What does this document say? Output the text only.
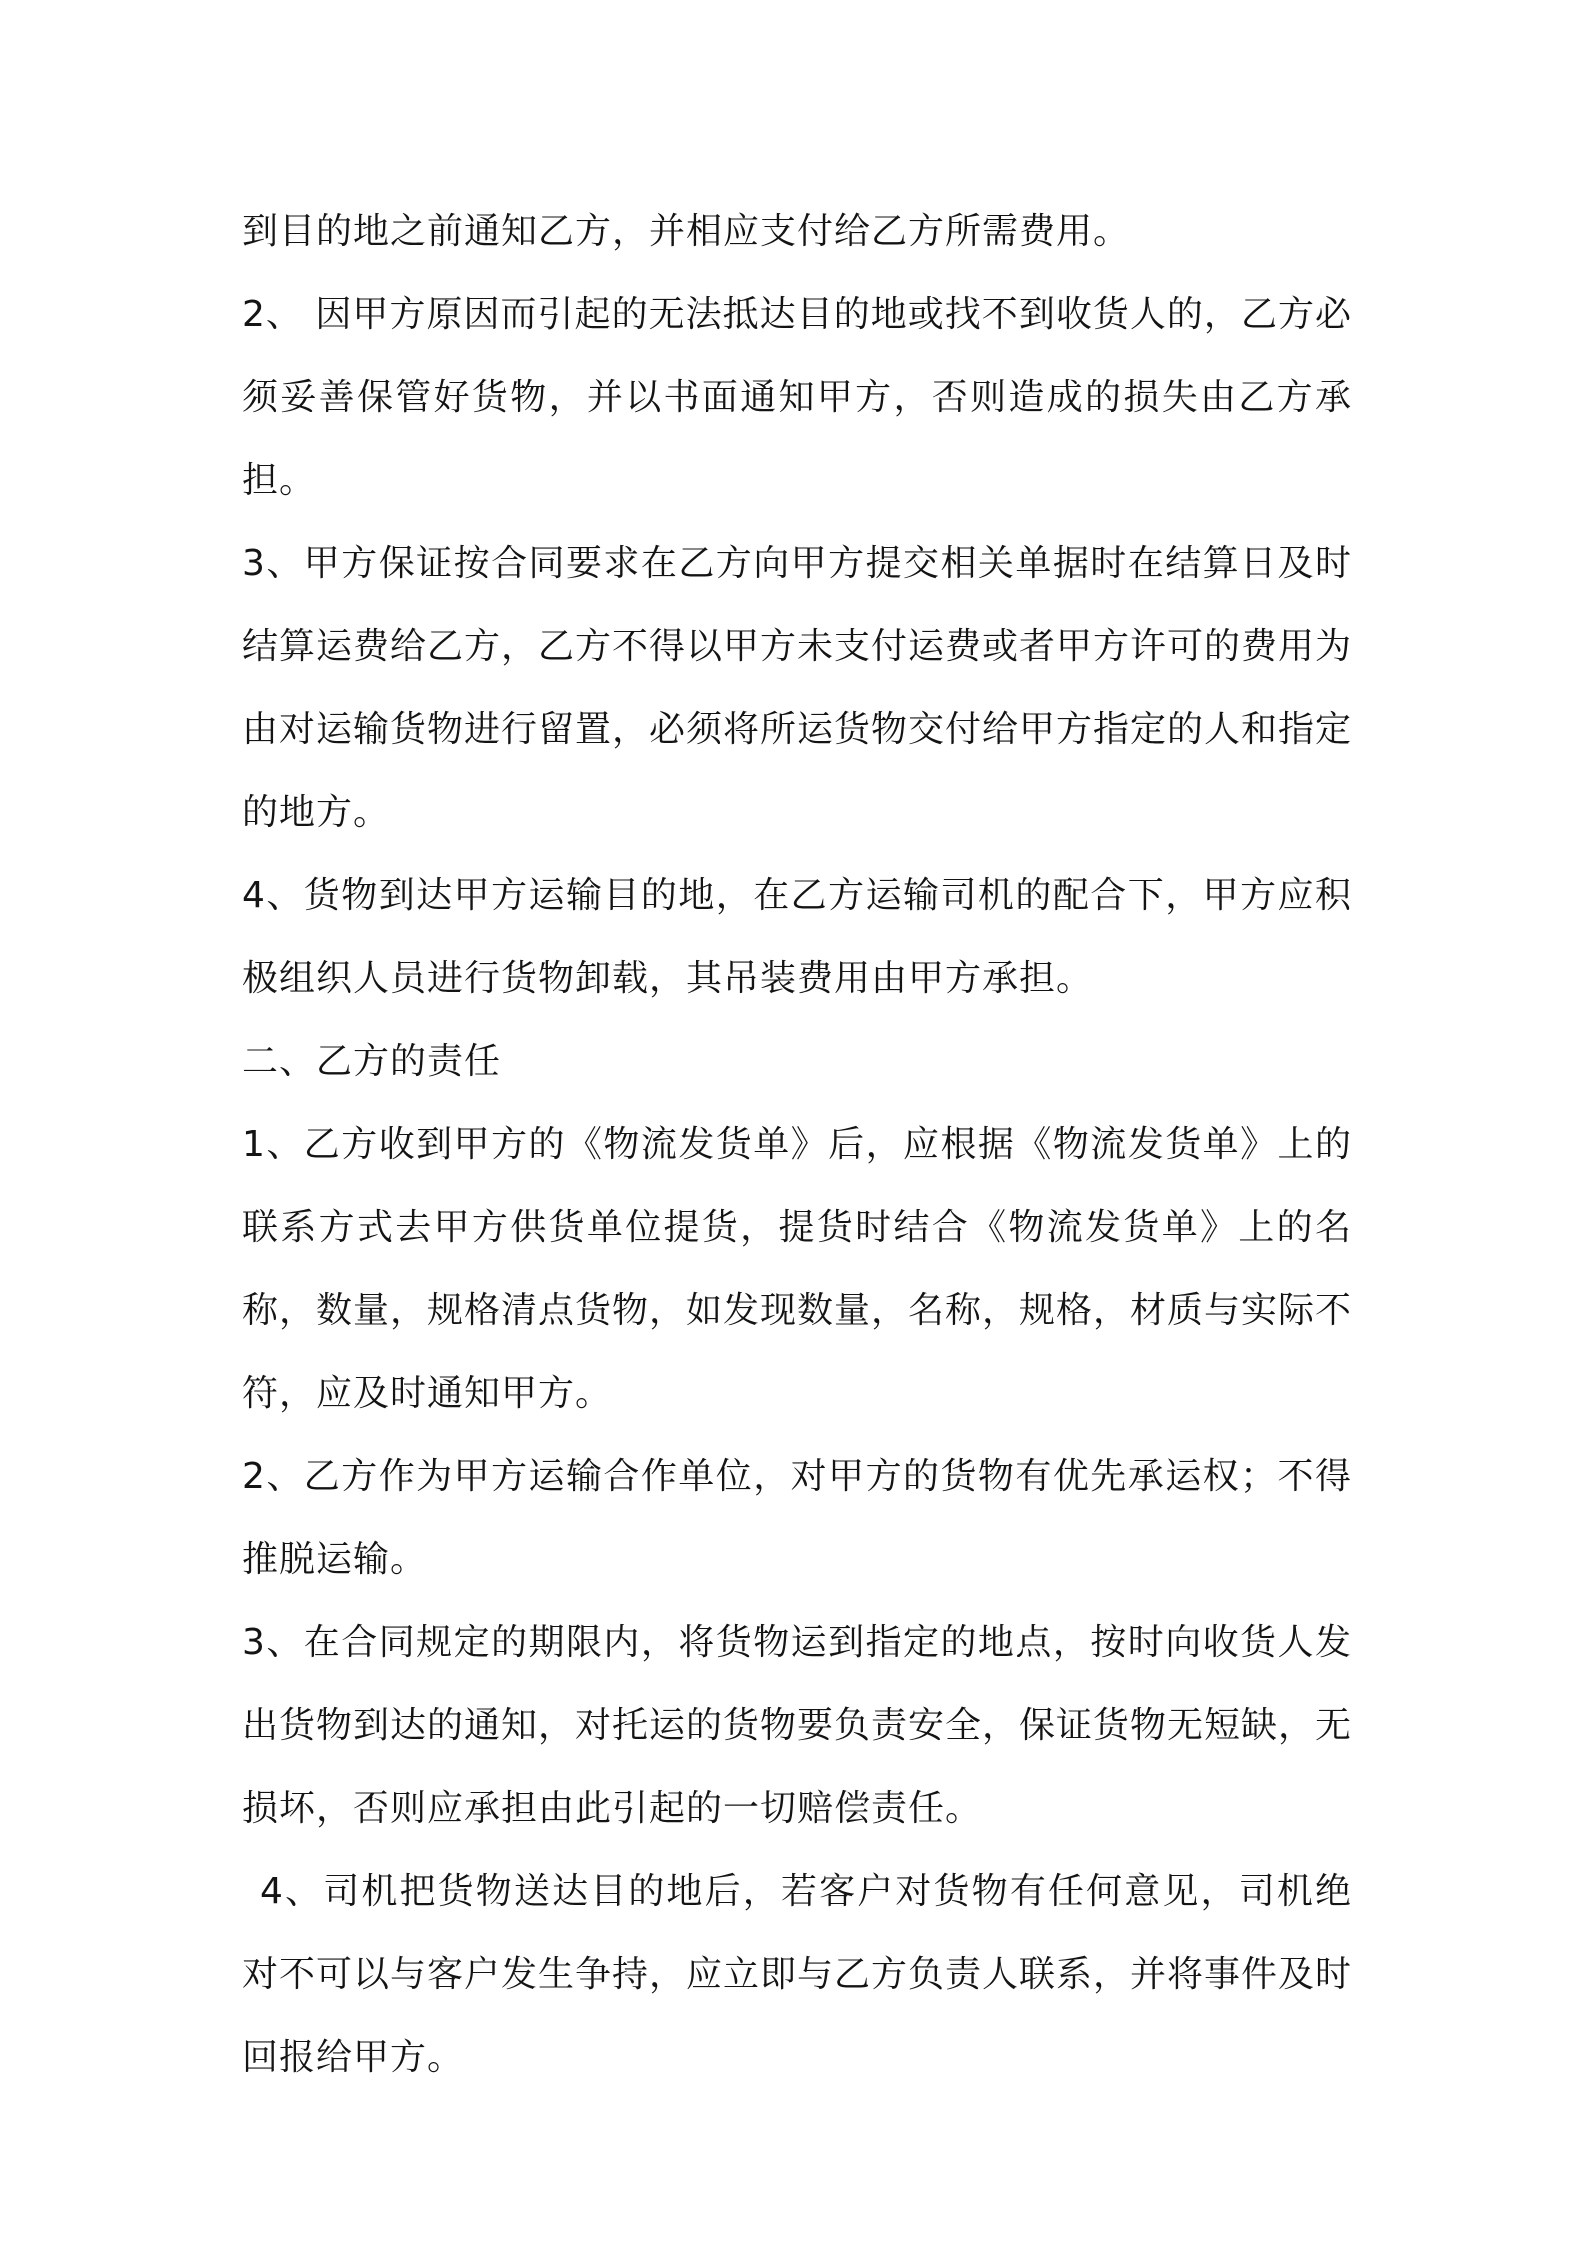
到目的地之前通知乙方，并相应支付给乙方所需费用。

2、 因甲方原因而引起的无法抵达目的地或找不到收货人的，乙方必须妥善保管好货物，并以书面通知甲方，否则造成的损失由乙方承担。

3、甲方保证按合同要求在乙方向甲方提交相关单据时在结算日及时结算运费给乙方，乙方不得以甲方未支付运费或者甲方许可的费用为由对运输货物进行留置，必须将所运货物交付给甲方指定的人和指定的地方。

4、货物到达甲方运输目的地，在乙方运输司机的配合下，甲方应积极组织人员进行货物卸载，其吊装费用由甲方承担。

二、乙方的责任

1、乙方收到甲方的《物流发货单》后，应根据《物流发货单》上的联系方式去甲方供货单位提货，提货时结合《物流发货单》上的名称，数量，规格清点货物，如发现数量，名称，规格，材质与实际不符，应及时通知甲方。

2、乙方作为甲方运输合作单位，对甲方的货物有优先承运权；不得推脱运输。

3、在合同规定的期限内，将货物运到指定的地点，按时向收货人发出货物到达的通知，对托运的货物要负责安全，保证货物无短缺，无损坏，否则应承担由此引起的一切赔偿责任。

4、司机把货物送达目的地后，若客户对货物有任何意见，司机绝对不可以与客户发生争持，应立即与乙方负责人联系，并将事件及时回报给甲方。
